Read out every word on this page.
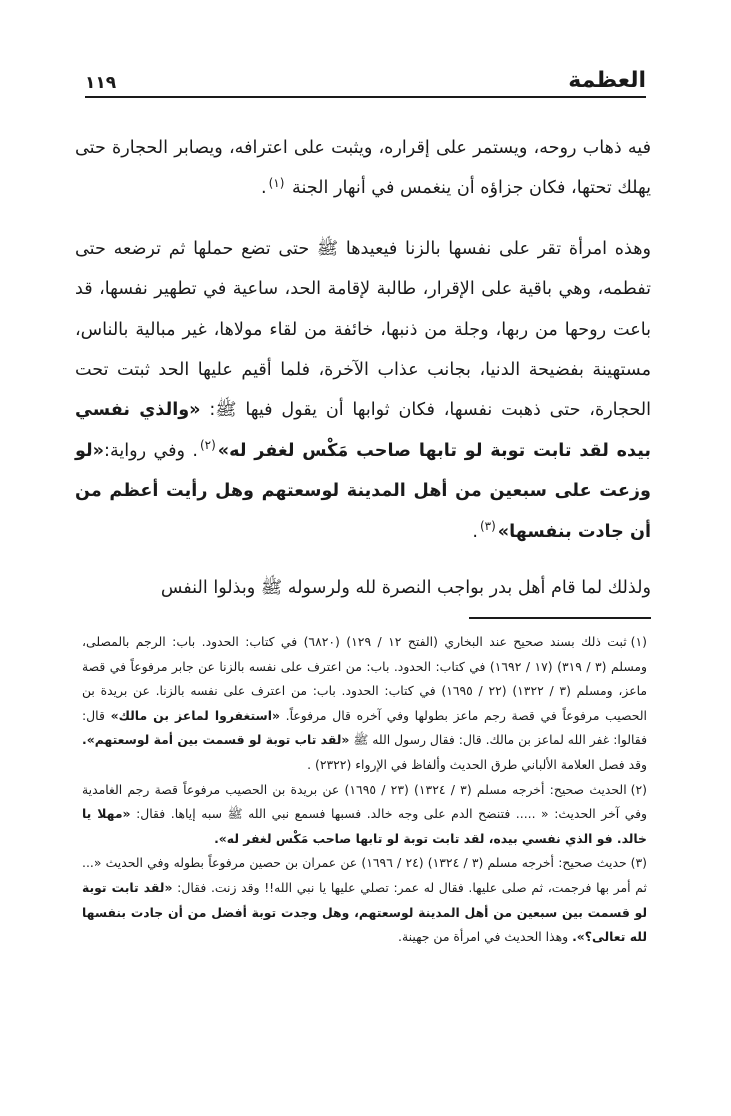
العظمة
١١٩

فيه ذهاب روحه، ويستمر على إقراره، ويثبت على اعترافه، ويصابر الحجارة حتى يهلك تحتها، فكان جزاؤه أن ينغمس في أنهار الجنة $^{(١)}$.

وهذه امرأة تقر على نفسها بالزنا فيعيدها ﷺ حتى تضع حملها ثم ترضعه حتى تفطمه، وهي باقية على الإقرار، طالبة لإقامة الحد، ساعية في تطهير نفسها، قد باعت روحها من ربها، وجلة من ذنبها، خائفة من لقاء مولاها، غير مبالية بالناس، مستهينة بفضيحة الدنيا، بجانب عذاب الآخرة، فلما أقيم عليها الحد ثبتت تحت الحجارة، حتى ذهبت نفسها، فكان ثوابها أن يقول فيها ﷺ: «والذي نفسي بيده لقد تابت توبة لو تابها صاحب مَكْس لغفر له»$^{(٢)}$. وفي رواية:«لو وزعت على سبعين من أهل المدينة لوسعتهم وهل رأيت أعظم من أن جادت بنفسها»$^{(٣)}$.

ولذلك لما قام أهل بدر بواجب النصرة لله ولرسوله ﷺ وبذلوا النفس

(١)ثبت ذلك بسند صحيح عند البخاري (الفتح ١٢ / ١٢٩) (٦٨٢٠) في كتاب: الحدود. باب: الرجم بالمصلى، ومسلم (٣ / ٣١٩) (١٧ / ١٦٩٢) في كتاب: الحدود. باب: من اعترف على نفسه بالزنا عن جابر مرفوعاً في قصة ماعز، ومسلم (٣ / ١٣٢٢) (٢٢ / ١٦٩٥) في كتاب: الحدود. باب: من اعترف على نفسه بالزنا. عن بريدة بن الحصيب مرفوعاً في قصة رجم ماعز بطولها وفي آخره قال مرفوعاً. «استغفروا لماعز بن مالك» قال: فقالوا: غفر الله لماعز بن مالك. قال: فقال رسول الله ﷺ «لقد تاب توبة لو قسمت بين أمة لوسعتهم».
وقد فصل العلامة الألباني طرق الحديث وألفاظ في الإرواء (٢٣٢٢) .

(٢)الحديث صحيح: أخرجه مسلم (٣ / ١٣٢٤) (٢٣ / ١٦٩٥) عن بريدة بن الحصيب مرفوعاً قصة رجم الغامدية وفي آخر الحديث: « ..... فتنضح الدم على وجه خالد. فسبها فسمع نبي الله ﷺ سبه إياها. فقال: «مهلا يا خالد. فو الذي نفسي بيده، لقد تابت توبة لو تابها صاحب مَكْس لغفر له».

(٣)حديث صحيح: أخرجه مسلم (٣ / ١٣٢٤) (٢٤ / ١٦٩٦) عن عمران بن حصين مرفوعاً بطوله وفي الحديث «... ثم أمر بها فرجمت، ثم صلى عليها. فقال له عمر: تصلي عليها يا نبي الله!! وقد زنت. فقال: «لقد تابت توبة لو قسمت بين سبعين من أهل المدينة لوسعتهم، وهل وجدت توبة أفضل من أن جادت بنفسها لله تعالى؟». وهذا الحديث في امرأة من جهينة.
